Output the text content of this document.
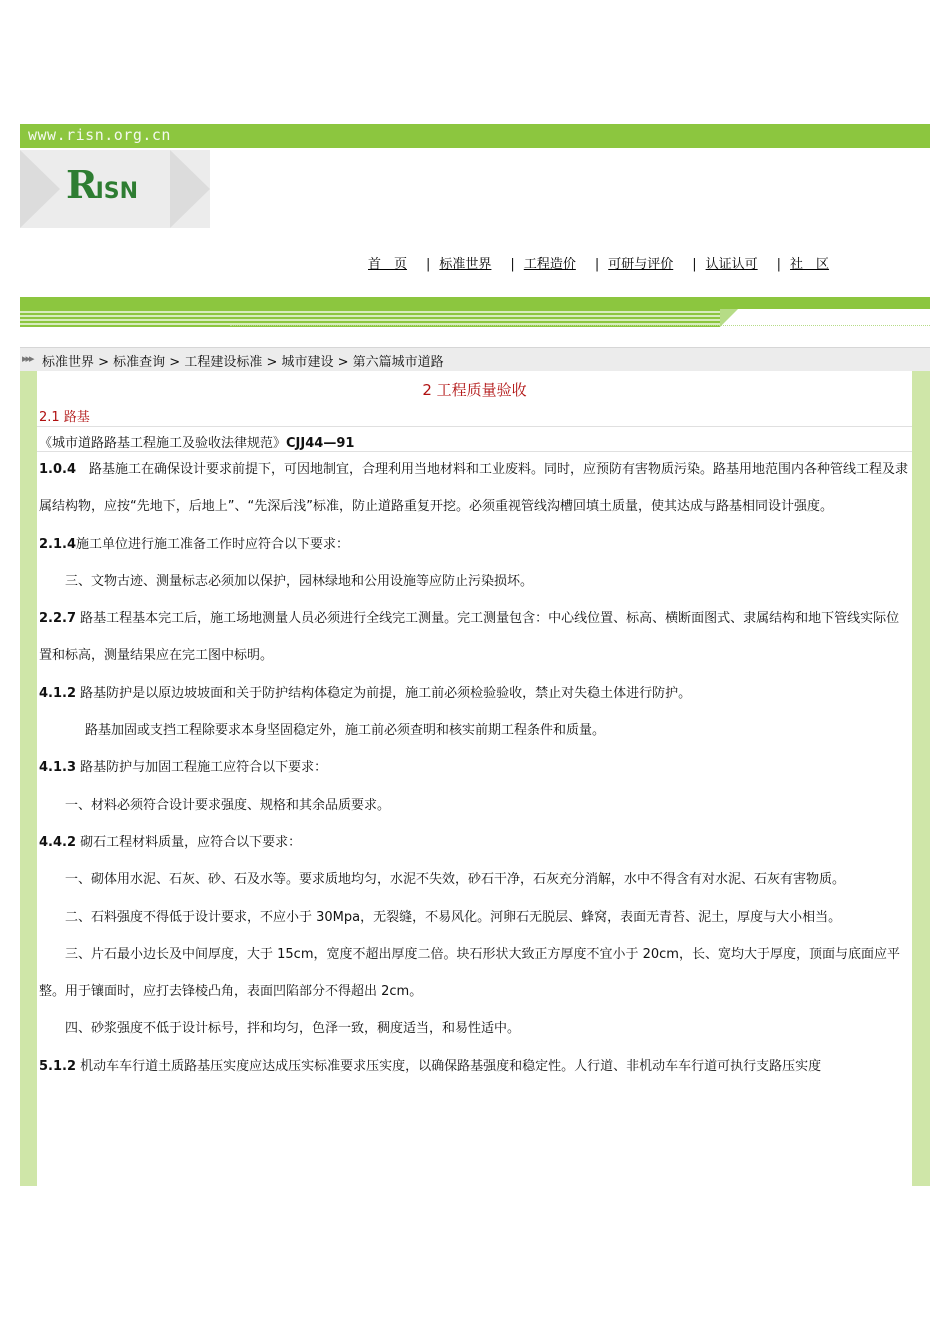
www.risn.org.cn
RISN
首　页 | 标准世界 | 工程造价 | 可研与评价 | 认证认可 | 社　区
▸▸▸ 标准世界 > 标准查询 > 工程建设标准 > 城市建设 > 第六篇城市道路
2 工程质量验收
2.1 路基
《城市道路路基工程施工及验收法律规范》CJJ44—91

1.0.4　路基施工在确保设计要求前提下，可因地制宜，合理利用当地材料和工业废料。同时，应预防有害物质污染。路基用地范围内各种管线工程及隶属结构物，应按“先地下，后地上”、“先深后浅”标准，防止道路重复开挖。必须重视管线沟槽回填土质量，使其达成与路基相同设计强度。

2.1.4施工单位进行施工准备工作时应符合以下要求：

三、文物古迹、测量标志必须加以保护，园林绿地和公用设施等应防止污染损坏。

2.2.7 路基工程基本完工后，施工场地测量人员必须进行全线完工测量。完工测量包含：中心线位置、标高、横断面图式、隶属结构和地下管线实际位置和标高，测量结果应在完工图中标明。

4.1.2 路基防护是以原边坡坡面和关于防护结构体稳定为前提，施工前必须检验验收，禁止对失稳土体进行防护。

路基加固或支挡工程除要求本身坚固稳定外，施工前必须查明和核实前期工程条件和质量。

4.1.3 路基防护与加固工程施工应符合以下要求：

一、材料必须符合设计要求强度、规格和其余品质要求。

4.4.2 砌石工程材料质量，应符合以下要求：

一、砌体用水泥、石灰、砂、石及水等。要求质地均匀，水泥不失效，砂石干净，石灰充分消解，水中不得含有对水泥、石灰有害物质。

二、石料强度不得低于设计要求，不应小于 30Mpa，无裂缝，不易风化。河卵石无脱层、蜂窝，表面无青苔、泥土，厚度与大小相当。

三、片石最小边长及中间厚度，大于 15cm，宽度不超出厚度二倍。块石形状大致正方厚度不宜小于 20cm，长、宽均大于厚度，顶面与底面应平整。用于镶面时，应打去锋棱凸角，表面凹陷部分不得超出 2cm。

四、砂浆强度不低于设计标号，拌和均匀，色泽一致，稠度适当，和易性适中。

5.1.2 机动车车行道土质路基压实度应达成压实标准要求压实度，以确保路基强度和稳定性。人行道、非机动车车行道可执行支路压实度
